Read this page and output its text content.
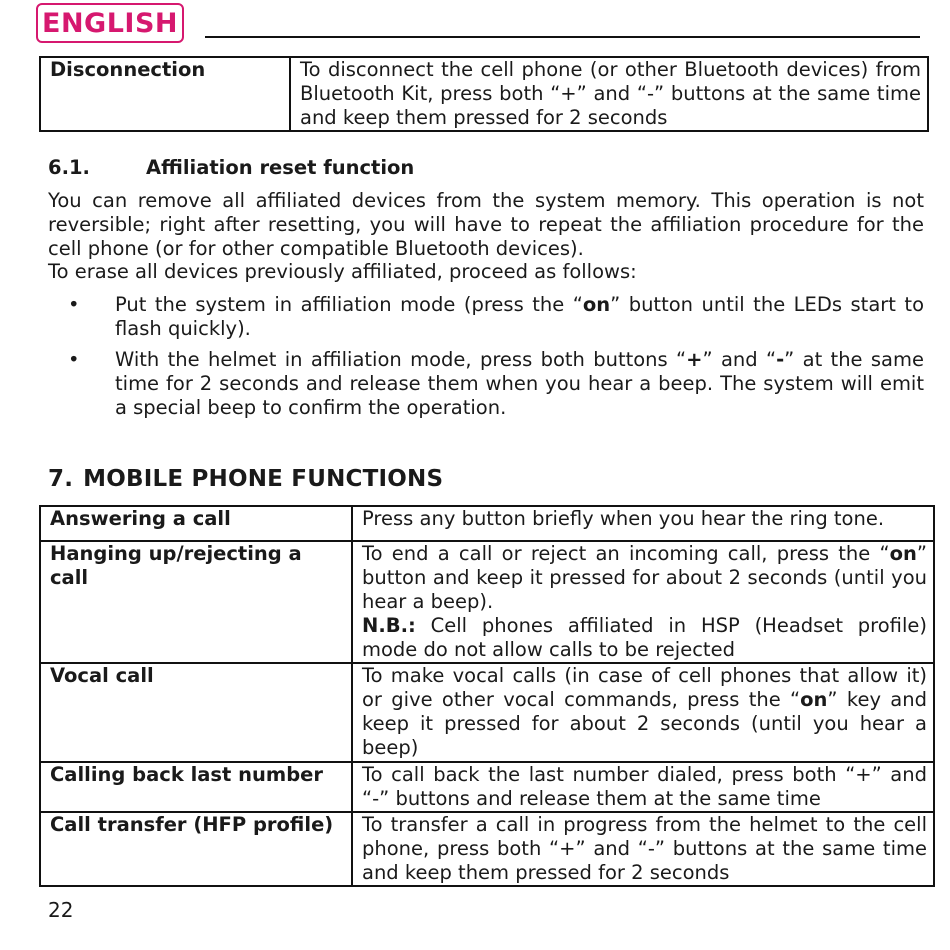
ENGLISH
Disconnection	To disconnect the cell phone (or other Bluetooth devices) from Bluetooth Kit, press both “+” and “-” buttons at the same time and keep them pressed for 2 seconds
6.1.	Affiliation reset function
You can remove all affiliated devices from the system memory. This operation is not reversible; right after resetting, you will have to repeat the affiliation procedure for the cell phone (or for other compatible Bluetooth devices).
To erase all devices previously affiliated, proceed as follows:
• Put the system in affiliation mode (press the “on” button until the LEDs start to flash quickly).
• With the helmet in affiliation mode, press both buttons “+” and “-” at the same time for 2 seconds and release them when you hear a beep. The system will emit a special beep to confirm the operation.
7. MOBILE PHONE FUNCTIONS
Answering a call	Press any button briefly when you hear the ring tone.
Hanging up/rejecting a call	To end a call or reject an incoming call, press the “on” button and keep it pressed for about 2 seconds (until you hear a beep).
N.B.: Cell phones affiliated in HSP (Headset profile) mode do not allow calls to be rejected
Vocal call	To make vocal calls (in case of cell phones that allow it) or give other vocal commands, press the “on” key and keep it pressed for about 2 seconds (until you hear a beep)
Calling back last number	To call back the last number dialed, press both “+” and “-” buttons and release them at the same time
Call transfer (HFP profile)	To transfer a call in progress from the helmet to the cell phone, press both “+” and “-” buttons at the same time and keep them pressed for 2 seconds
22
